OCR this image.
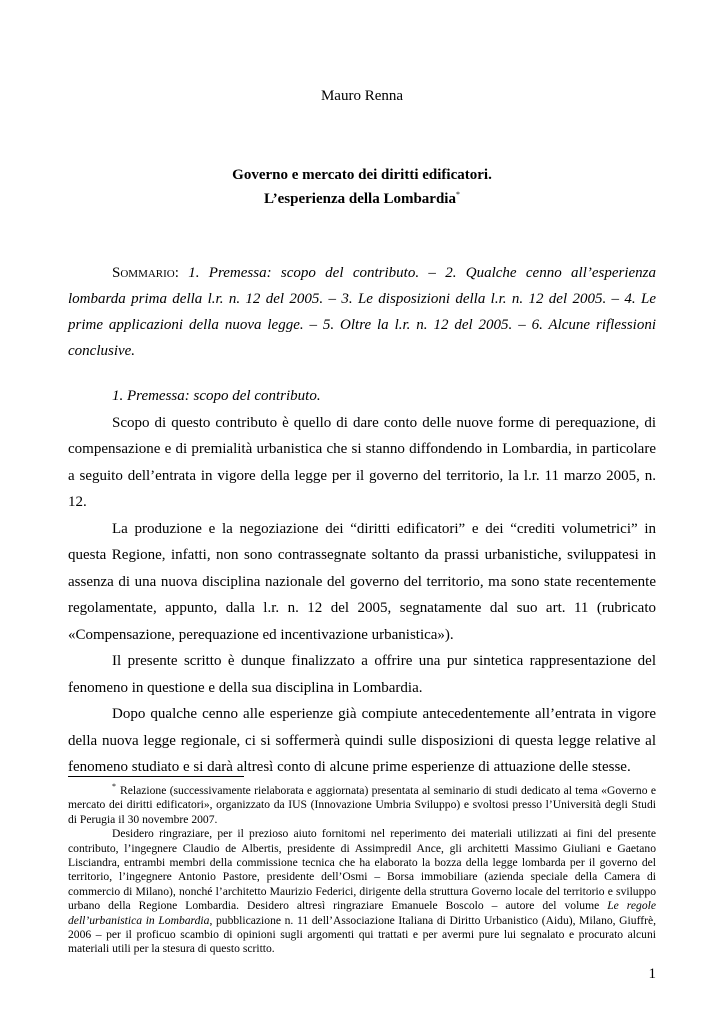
Mauro Renna
Governo e mercato dei diritti edificatori.
L’esperienza della Lombardia*
Sommario: 1. Premessa: scopo del contributo. – 2. Qualche cenno all’esperienza lombarda prima della l.r. n. 12 del 2005. – 3. Le disposizioni della l.r. n. 12 del 2005. – 4. Le prime applicazioni della nuova legge. – 5. Oltre la l.r. n. 12 del 2005. – 6. Alcune riflessioni conclusive.

1. Premessa: scopo del contributo.

Scopo di questo contributo è quello di dare conto delle nuove forme di perequazione, di compensazione e di premialità urbanistica che si stanno diffondendo in Lombardia, in particolare a seguito dell’entrata in vigore della legge per il governo del territorio, la l.r. 11 marzo 2005, n. 12.

La produzione e la negoziazione dei “diritti edificatori” e dei “crediti volumetrici” in questa Regione, infatti, non sono contrassegnate soltanto da prassi urbanistiche, sviluppatesi in assenza di una nuova disciplina nazionale del governo del territorio, ma sono state recentemente regolamentate, appunto, dalla l.r. n. 12 del 2005, segnatamente dal suo art. 11 (rubricato «Compensazione, perequazione ed incentivazione urbanistica»).

Il presente scritto è dunque finalizzato a offrire una pur sintetica rappresentazione del fenomeno in questione e della sua disciplina in Lombardia.

Dopo qualche cenno alle esperienze già compiute antecedentemente all’entrata in vigore della nuova legge regionale, ci si soffermerà quindi sulle disposizioni di questa legge relative al fenomeno studiato e si darà altresì conto di alcune prime esperienze di attuazione delle stesse.

* Relazione (successivamente rielaborata e aggiornata) presentata al seminario di studi dedicato al tema «Governo e mercato dei diritti edificatori», organizzato da IUS (Innovazione Umbria Sviluppo) e svoltosi presso l’Università degli Studi di Perugia il 30 novembre 2007.

Desidero ringraziare, per il prezioso aiuto fornitomi nel reperimento dei materiali utilizzati ai fini del presente contributo, l’ingegnere Claudio de Albertis, presidente di Assimpredil Ance, gli architetti Massimo Giuliani e Gaetano Lisciandra, entrambi membri della commissione tecnica che ha elaborato la bozza della legge lombarda per il governo del territorio, l’ingegnere Antonio Pastore, presidente dell’Osmi – Borsa immobiliare (azienda speciale della Camera di commercio di Milano), nonché l’architetto Maurizio Federici, dirigente della struttura Governo locale del territorio e sviluppo urbano della Regione Lombardia. Desidero altresì ringraziare Emanuele Boscolo – autore del volume Le regole dell’urbanistica in Lombardia, pubblicazione n. 11 dell’Associazione Italiana di Diritto Urbanistico (Aidu), Milano, Giuffrè, 2006 – per il proficuo scambio di opinioni sugli argomenti qui trattati e per avermi pure lui segnalato e procurato alcuni materiali utili per la stesura di questo scritto.

1
